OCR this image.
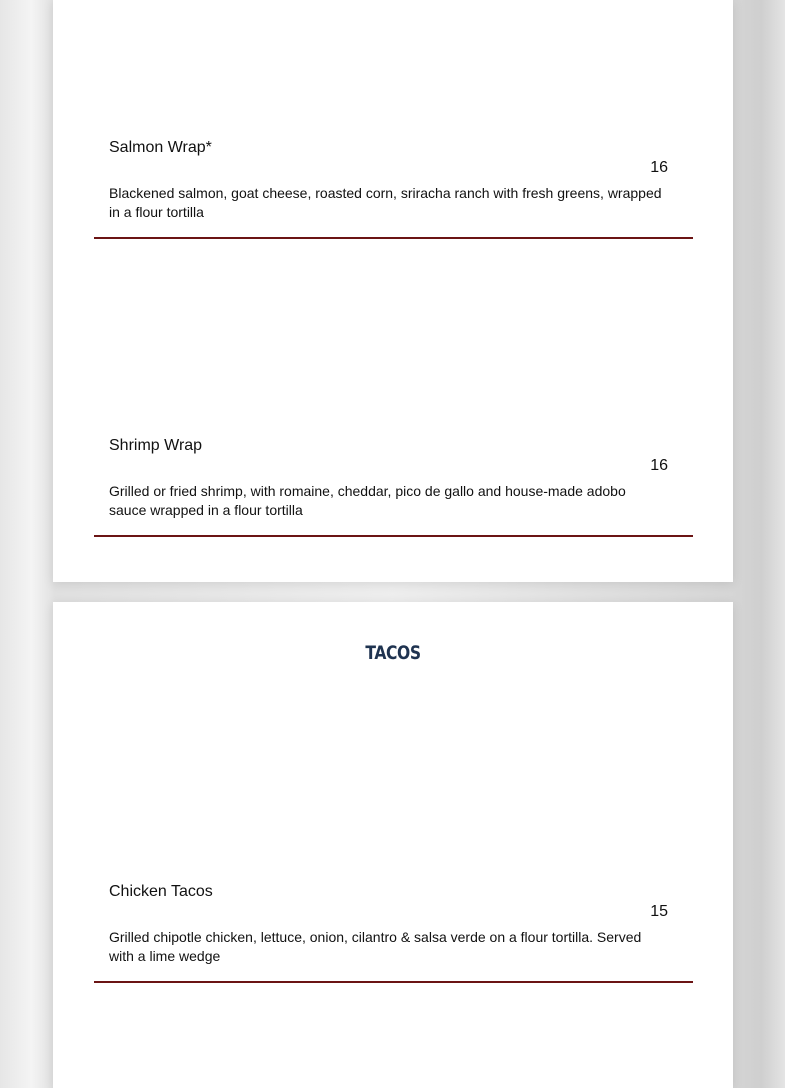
Salmon Wrap*
16
Blackened salmon, goat cheese, roasted corn, sriracha ranch with fresh greens, wrapped in a flour tortilla
Shrimp Wrap
16
Grilled or fried shrimp, with romaine, cheddar, pico de gallo and house-made adobo sauce wrapped in a flour tortilla
TACOS
Chicken Tacos
15
Grilled chipotle chicken, lettuce, onion, cilantro & salsa verde on a flour tortilla. Served with a lime wedge
